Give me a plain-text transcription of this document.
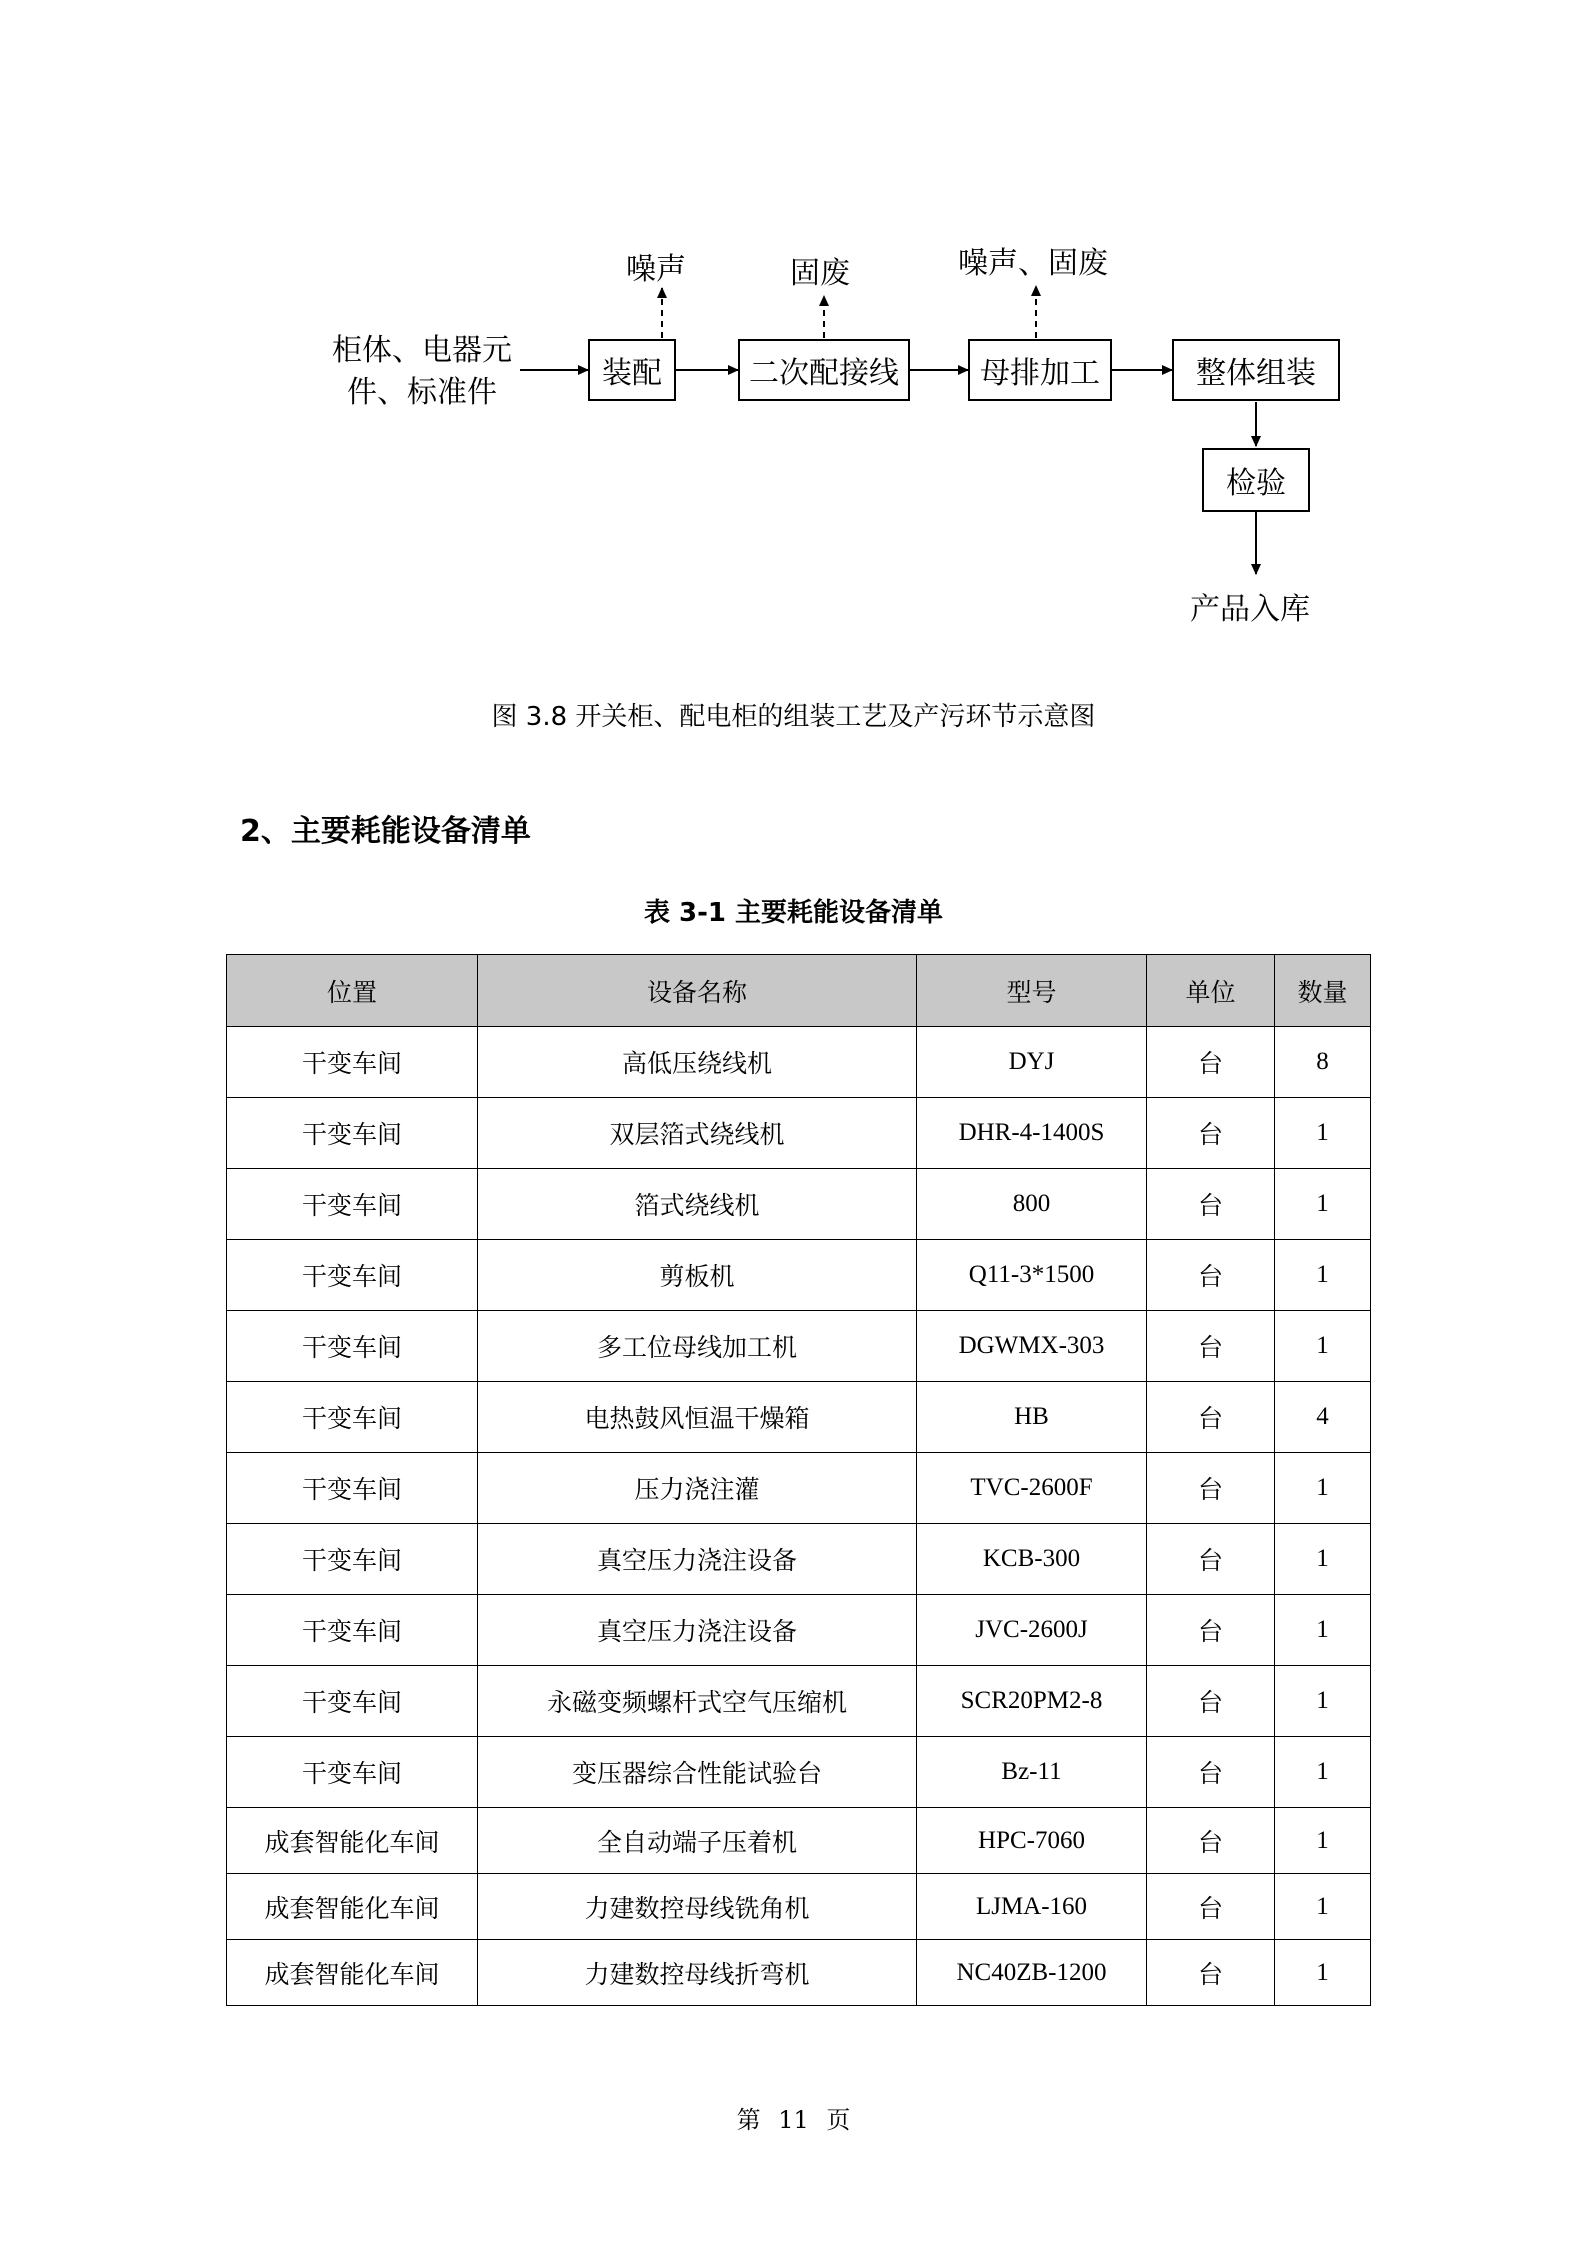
柜体、电器元
件、标准件
装配	二次配接线	母排加工	整体组装
检验
噪声	固废	噪声、固废
产品入库
图 3.8 开关柜、配电柜的组装工艺及产污环节示意图
2、主要耗能设备清单
表 3-1 主要耗能设备清单
位置	设备名称	型号	单位	数量
干变车间	高低压绕线机	DYJ	台	8
干变车间	双层箔式绕线机	DHR-4-1400S	台	1
干变车间	箔式绕线机	800	台	1
干变车间	剪板机	Q11-3*1500	台	1
干变车间	多工位母线加工机	DGWMX-303	台	1
干变车间	电热鼓风恒温干燥箱	HB	台	4
干变车间	压力浇注灌	TVC-2600F	台	1
干变车间	真空压力浇注设备	KCB-300	台	1
干变车间	真空压力浇注设备	JVC-2600J	台	1
干变车间	永磁变频螺杆式空气压缩机	SCR20PM2-8	台	1
干变车间	变压器综合性能试验台	Bz-11	台	1
成套智能化车间	全自动端子压着机	HPC-7060	台	1
成套智能化车间	力建数控母线铣角机	LJMA-160	台	1
成套智能化车间	力建数控母线折弯机	NC40ZB-1200	台	1
第 11 页
